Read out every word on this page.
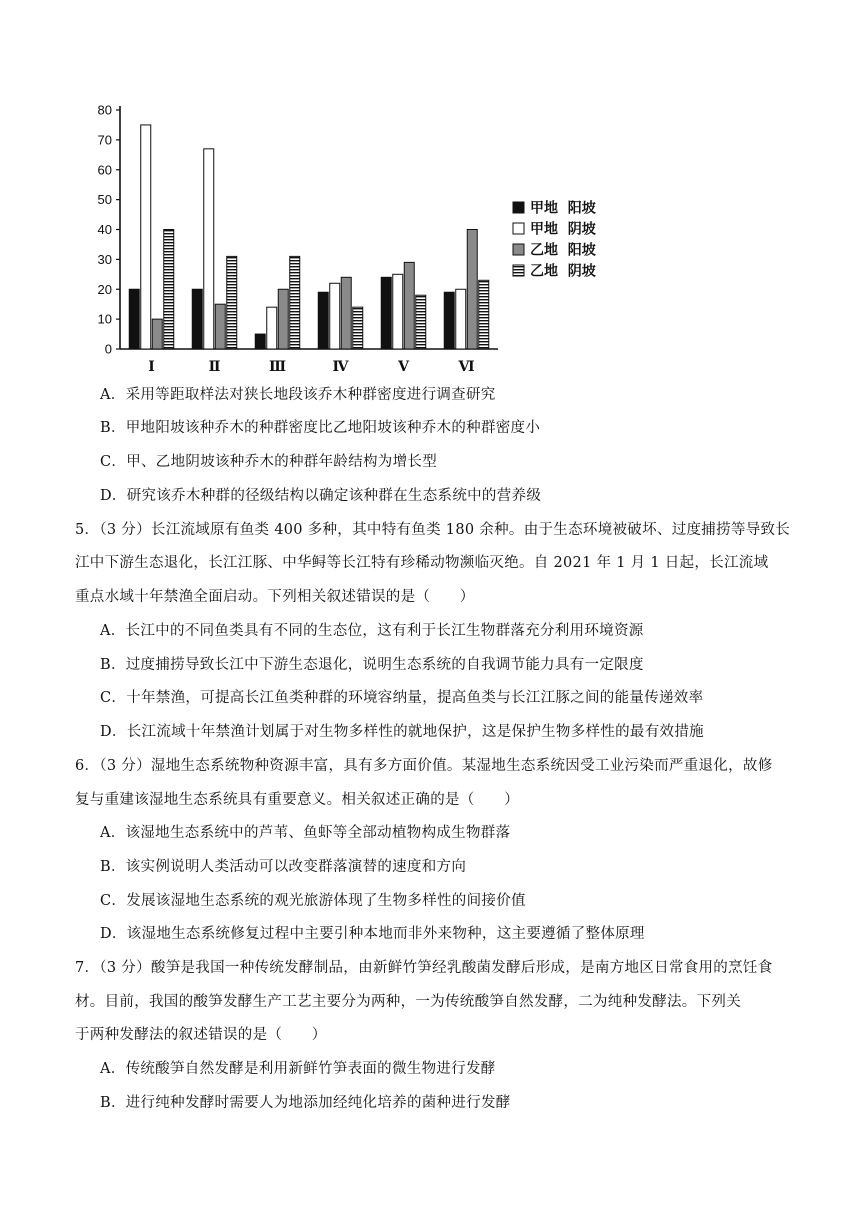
0
10
20
30
40
50
60
70
80
Ⅰ	Ⅱ	Ⅲ	Ⅳ	Ⅴ	Ⅵ
甲地  阳坡
甲地  阴坡
乙地  阳坡
乙地  阴坡
A．采用等距取样法对狭长地段该乔木种群密度进行调查研究
B．甲地阳坡该种乔木的种群密度比乙地阳坡该种乔木的种群密度小
C．甲、乙地阴坡该种乔木的种群年龄结构为增长型
D．研究该乔木种群的径级结构以确定该种群在生态系统中的营养级
5．（3 分）长江流域原有鱼类 400 多种，其中特有鱼类 180 余种。由于生态环境被破坏、过度捕捞等导致长
江中下游生态退化，长江江豚、中华鲟等长江特有珍稀动物濒临灭绝。自 2021 年 1 月 1 日起，长江流域
重点水域十年禁渔全面启动。下列相关叙述错误的是（　　）
A．长江中的不同鱼类具有不同的生态位，这有利于长江生物群落充分利用环境资源
B．过度捕捞导致长江中下游生态退化，说明生态系统的自我调节能力具有一定限度
C．十年禁渔，可提高长江鱼类种群的环境容纳量，提高鱼类与长江江豚之间的能量传递效率
D．长江流域十年禁渔计划属于对生物多样性的就地保护，这是保护生物多样性的最有效措施
6．（3 分）湿地生态系统物种资源丰富，具有多方面价值。某湿地生态系统因受工业污染而严重退化，故修
复与重建该湿地生态系统具有重要意义。相关叙述正确的是（　　）
A．该湿地生态系统中的芦苇、鱼虾等全部动植物构成生物群落
B．该实例说明人类活动可以改变群落演替的速度和方向
C．发展该湿地生态系统的观光旅游体现了生物多样性的间接价值
D．该湿地生态系统修复过程中主要引种本地而非外来物种，这主要遵循了整体原理
7．（3 分）酸笋是我国一种传统发酵制品，由新鲜竹笋经乳酸菌发酵后形成，是南方地区日常食用的烹饪食
材。目前，我国的酸笋发酵生产工艺主要分为两种，一为传统酸笋自然发酵，二为纯种发酵法。下列关
于两种发酵法的叙述错误的是（　　）
A．传统酸笋自然发酵是利用新鲜竹笋表面的微生物进行发酵
B．进行纯种发酵时需要人为地添加经纯化培养的菌种进行发酵
